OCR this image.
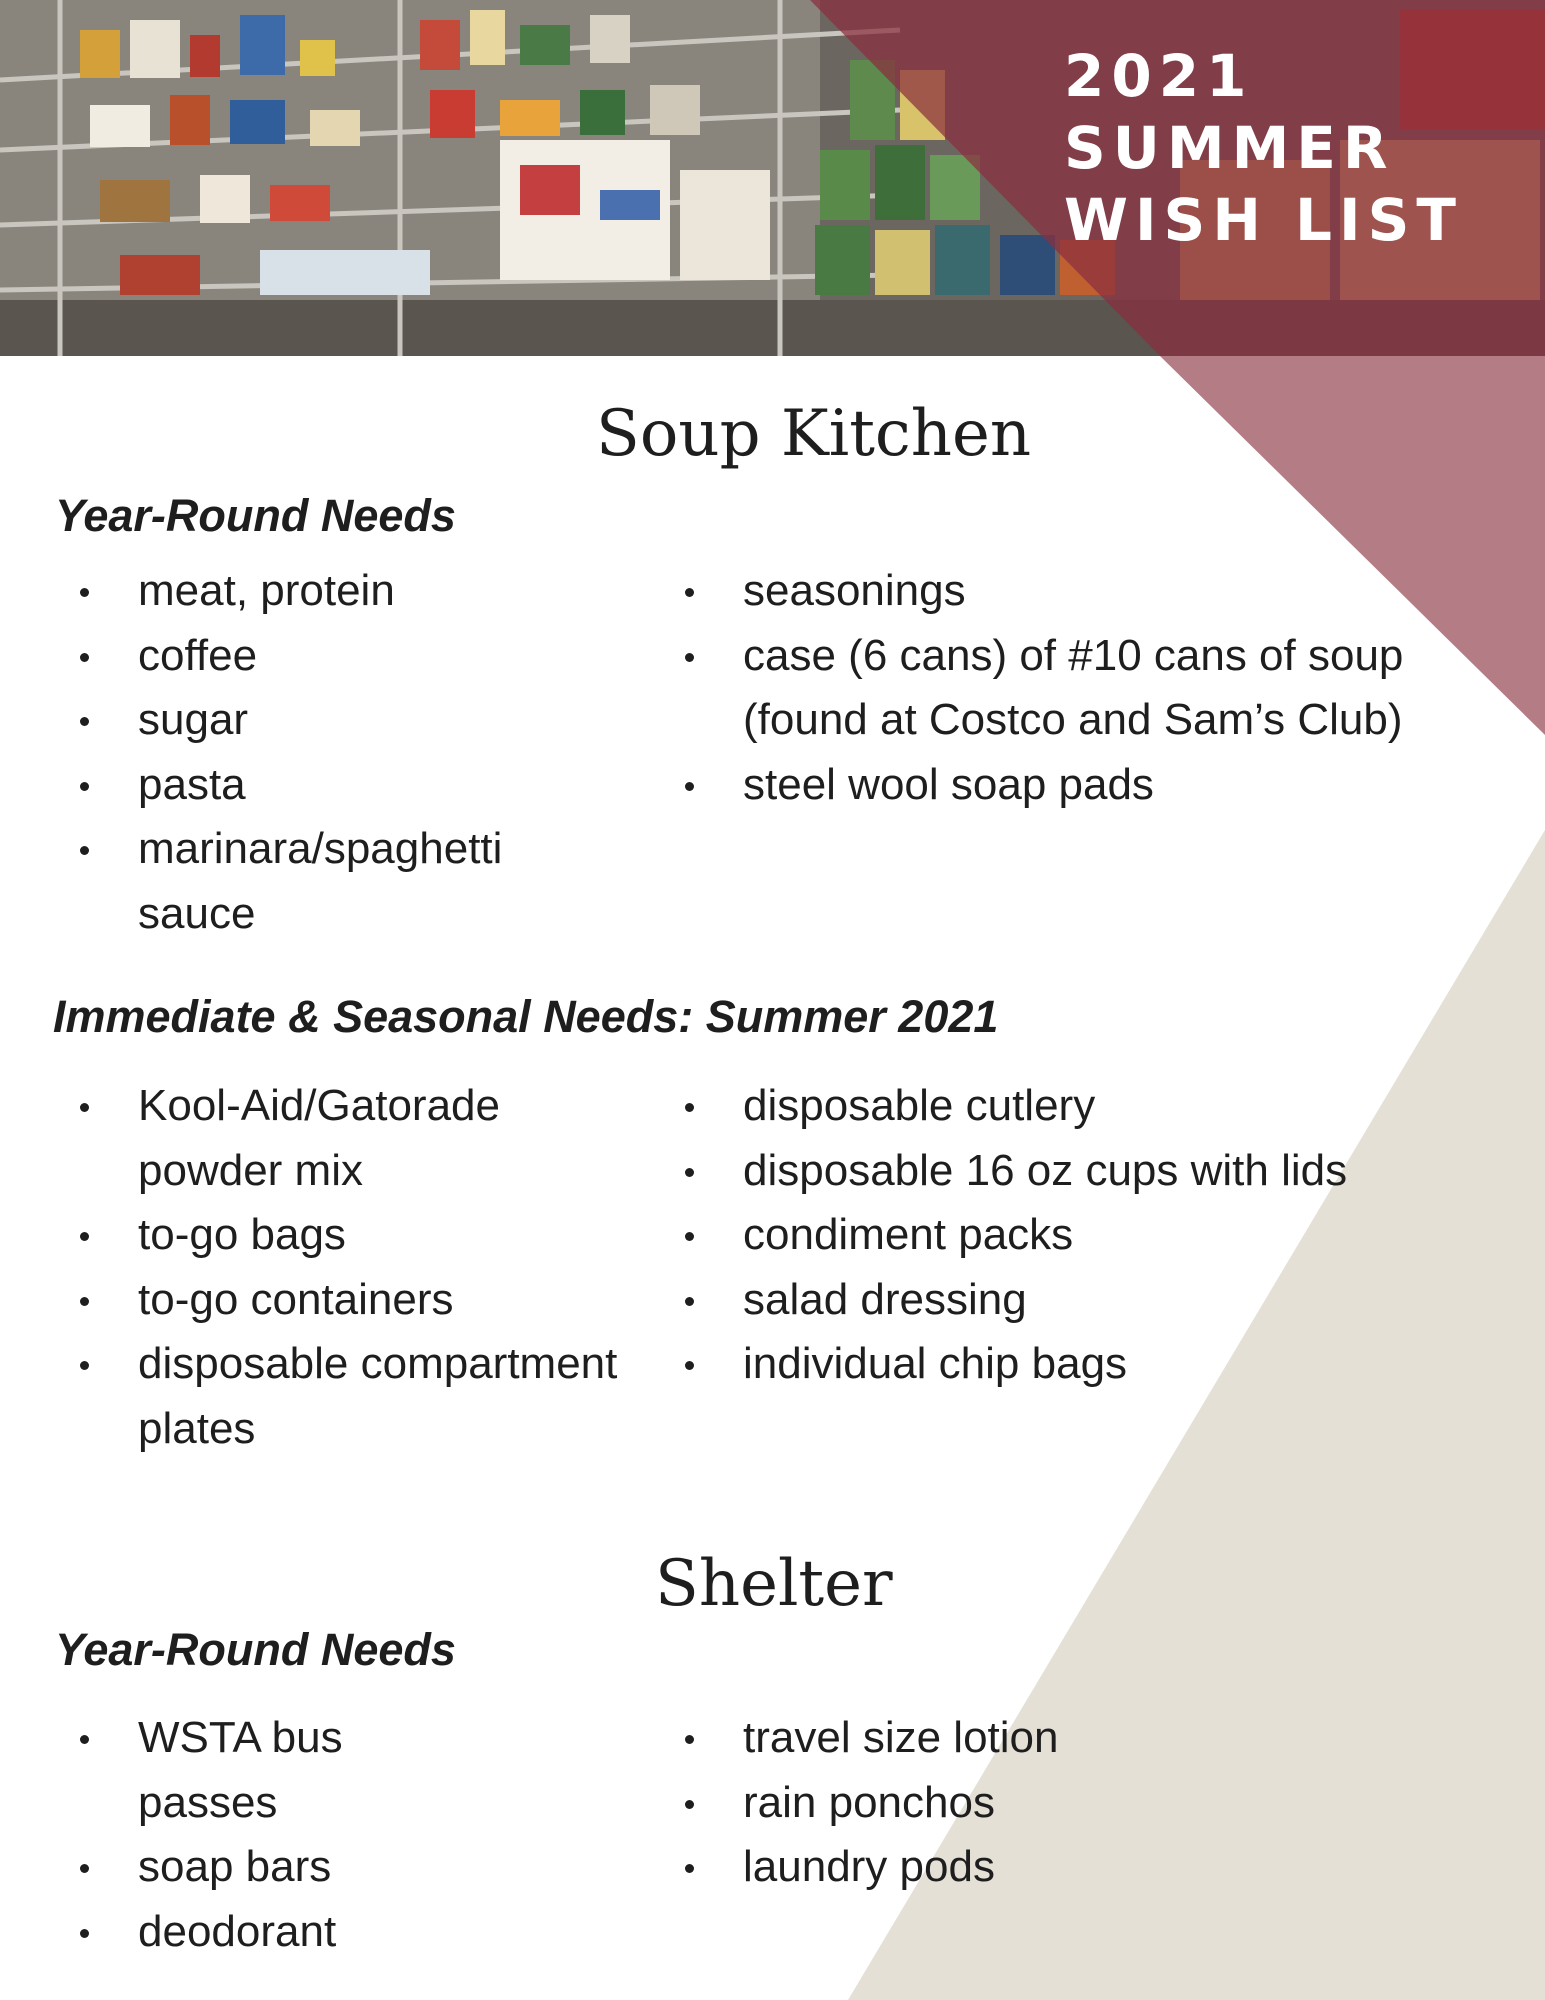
2021 SUMMER
WISH LIST
Soup Kitchen
Year-Round Needs
meat, protein
coffee
sugar
pasta
marinara/spaghetti sauce
seasonings
case (6 cans) of #10 cans of soup (found at Costco and Sam’s Club)
steel wool soap pads
Immediate & Seasonal Needs: Summer 2021
Kool-Aid/Gatorade powder mix
to-go bags
to-go containers
disposable compartment plates
disposable cutlery
disposable 16 oz cups with lids
condiment packs
salad dressing
individual chip bags
Shelter
Year-Round Needs
WSTA bus passes
soap bars
deodorant
travel size lotion
rain ponchos
laundry pods
